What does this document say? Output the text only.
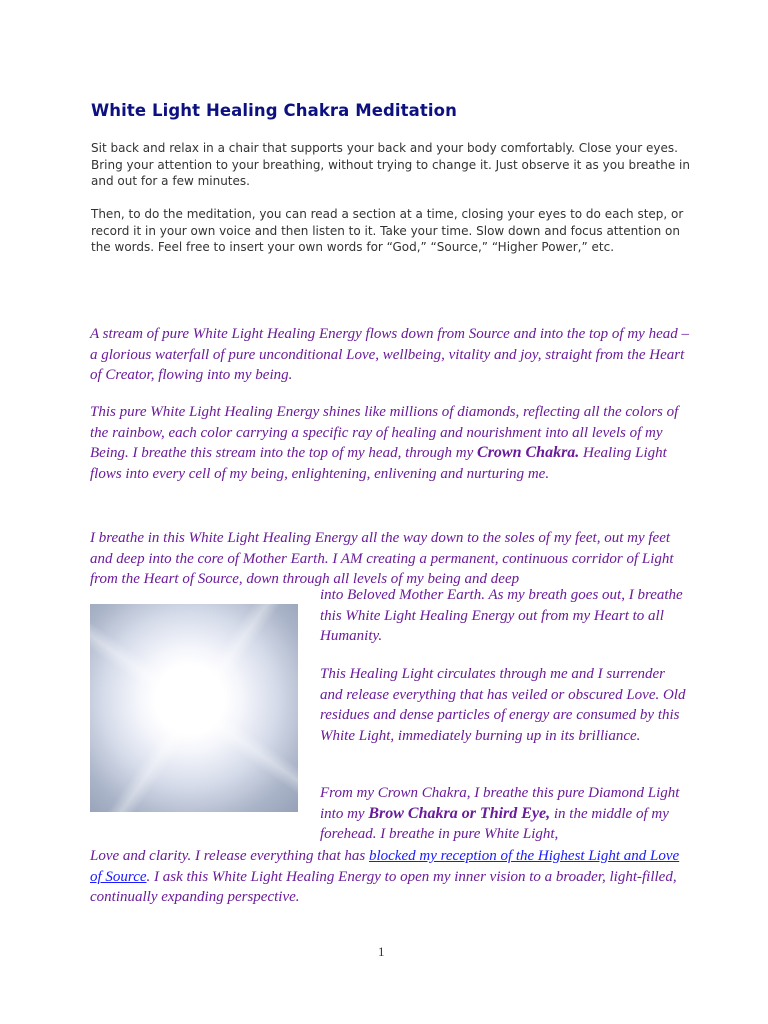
White Light Healing Chakra Meditation

Sit back and relax in a chair that supports your back and your body comfortably. Close your eyes. Bring your attention to your breathing, without trying to change it. Just observe it as you breathe in and out for a few minutes.

Then, to do the meditation, you can read a section at a time, closing your eyes to do each step, or record it in your own voice and then listen to it. Take your time. Slow down and focus attention on the words. Feel free to insert your own words for “God,” “Source,” “Higher Power,” etc.

A stream of pure White Light Healing Energy flows down from Source and into the top of my head – a glorious waterfall of pure unconditional Love, wellbeing, vitality and joy, straight from the Heart of Creator, flowing into my being.

This pure White Light Healing Energy shines like millions of diamonds, reflecting all the colors of the rainbow, each color carrying a specific ray of healing and nourishment into all levels of my Being. I breathe this stream into the top of my head, through my Crown Chakra. Healing Light flows into every cell of my being, enlightening, enlivening and nurturing me.

I breathe in this White Light Healing Energy all the way down to the soles of my feet, out my feet and deep into the core of Mother Earth. I AM creating a permanent, continuous corridor of Light from the Heart of Source, down through all levels of my being and deep

into Beloved Mother Earth. As my breath goes out, I breathe this White Light Healing Energy out from my Heart to all Humanity.

This Healing Light circulates through me and I surrender and release everything that has veiled or obscured Love. Old residues and dense particles of energy are consumed by this White Light, immediately burning up in its brilliance.

From my Crown Chakra, I breathe this pure Diamond Light into my Brow Chakra or Third Eye, in the middle of my forehead. I breathe in pure White Light,

Love and clarity. I release everything that has blocked my reception of the Highest Light and Love of Source. I ask this White Light Healing Energy to open my inner vision to a broader, light-filled, continually expanding perspective.

1
